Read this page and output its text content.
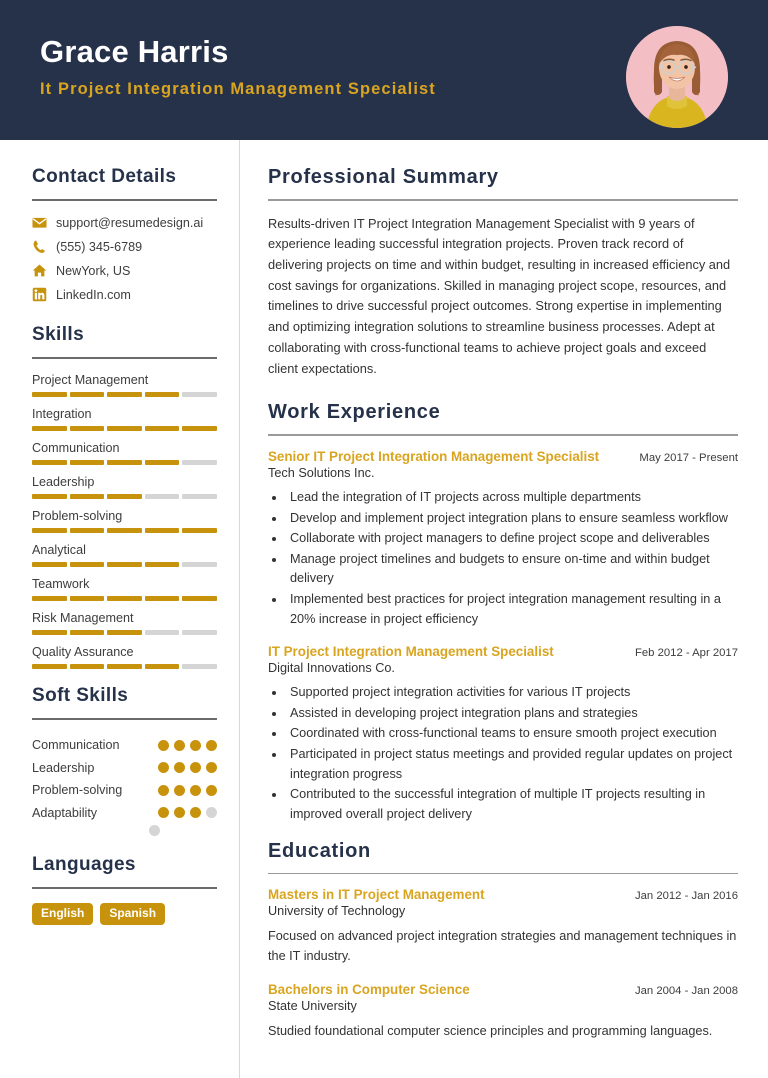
Grace Harris
It Project Integration Management Specialist
Contact Details
support@resumedesign.ai
(555) 345-6789
NewYork, US
LinkedIn.com
Skills
Project Management
Integration
Communication
Leadership
Problem-solving
Analytical
Teamwork
Risk Management
Quality Assurance
Soft Skills
Communication
Leadership
Problem-solving
Adaptability
Languages
English	Spanish
Professional Summary
Results-driven IT Project Integration Management Specialist with 9 years of experience leading successful integration projects. Proven track record of delivering projects on time and within budget, resulting in increased efficiency and cost savings for organizations. Skilled in managing project scope, resources, and timelines to drive successful project outcomes. Strong expertise in implementing and optimizing integration solutions to streamline business processes. Adept at collaborating with cross-functional teams to achieve project goals and exceed client expectations.
Work Experience
Senior IT Project Integration Management Specialist	May 2017 - Present
Tech Solutions Inc.
• Lead the integration of IT projects across multiple departments
• Develop and implement project integration plans to ensure seamless workflow
• Collaborate with project managers to define project scope and deliverables
• Manage project timelines and budgets to ensure on-time and within budget delivery
• Implemented best practices for project integration management resulting in a 20% increase in project efficiency
IT Project Integration Management Specialist	Feb 2012 - Apr 2017
Digital Innovations Co.
• Supported project integration activities for various IT projects
• Assisted in developing project integration plans and strategies
• Coordinated with cross-functional teams to ensure smooth project execution
• Participated in project status meetings and provided regular updates on project integration progress
• Contributed to the successful integration of multiple IT projects resulting in improved overall project delivery
Education
Masters in IT Project Management	Jan 2012 - Jan 2016
University of Technology
Focused on advanced project integration strategies and management techniques in the IT industry.
Bachelors in Computer Science	Jan 2004 - Jan 2008
State University
Studied foundational computer science principles and programming languages.
